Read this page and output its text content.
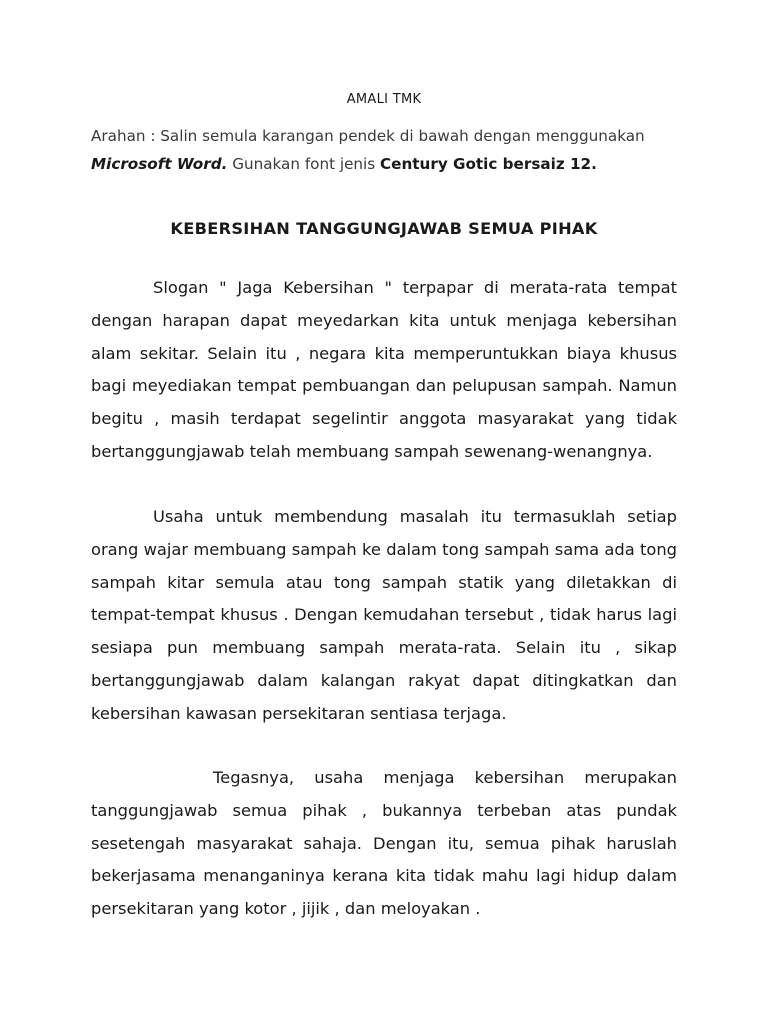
AMALI TMK
Arahan : Salin semula karangan pendek di bawah dengan menggunakan
Microsoft Word. Gunakan font jenis Century Gotic bersaiz 12.
KEBERSIHAN TANGGUNGJAWAB SEMUA PIHAK

Slogan " Jaga Kebersihan " terpapar di merata-rata tempat dengan harapan dapat meyedarkan kita untuk menjaga kebersihan alam sekitar. Selain itu , negara kita memperuntukkan biaya khusus bagi meyediakan tempat pembuangan dan pelupusan sampah. Namun begitu , masih terdapat segelintir anggota masyarakat yang tidak bertanggungjawab telah membuang sampah sewenang-wenangnya.

Usaha untuk membendung masalah itu termasuklah setiap orang wajar membuang sampah ke dalam tong sampah sama ada tong sampah kitar semula atau tong sampah statik yang diletakkan di tempat-tempat khusus . Dengan kemudahan tersebut , tidak harus lagi sesiapa pun membuang sampah merata-rata. Selain itu , sikap bertanggungjawab dalam kalangan rakyat dapat ditingkatkan dan kebersihan kawasan persekitaran sentiasa terjaga.

Tegasnya, usaha menjaga kebersihan merupakan tanggungjawab semua pihak , bukannya terbeban atas pundak sesetengah masyarakat sahaja. Dengan itu, semua pihak haruslah bekerjasama menanganinya kerana kita tidak mahu lagi hidup dalam persekitaran yang kotor , jijik , dan meloyakan .
